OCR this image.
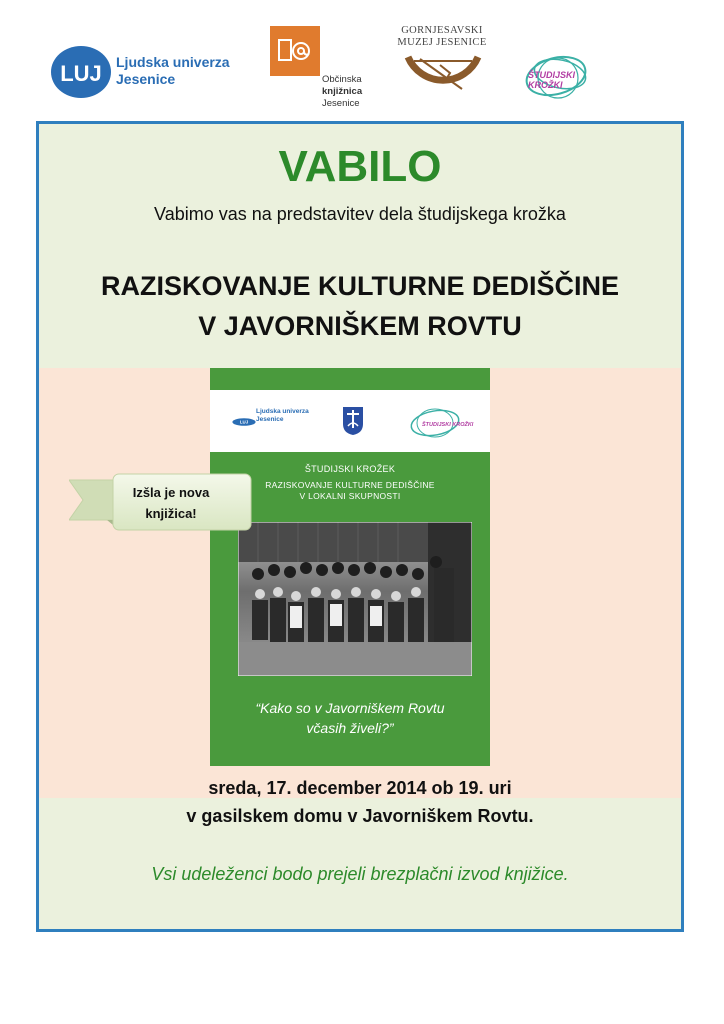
LUJ Ljudska univerza
Jesenice	Občinska
knjižnica
Jesenice
GORNJESAVSKI
MUZEJ JESENICE
ŠTUDIJSKI KROŽKI
VABILO
Vabimo vas na predstavitev dela študijskega krožka
RAZISKOVANJE KULTURNE DEDIŠČINE
V JAVORNIŠKEM ROVTU
LUJ
Ljudska univerza
Jesenice
ŠTUDIJSKI KROŽKI
ŠTUDIJSKI KROŽEK
RAZISKOVANJE KULTURNE DEDIŠČINE
V LOKALNI SKUPNOSTI
“Kako so v Javorniškem Rovtu
včasih živeli?”
Izšla je nova
knjižica!
sreda, 17. december 2014 ob 19. uri
v gasilskem domu v Javorniškem Rovtu.
Vsi udeleženci bodo prejeli brezplačni izvod knjižice.
